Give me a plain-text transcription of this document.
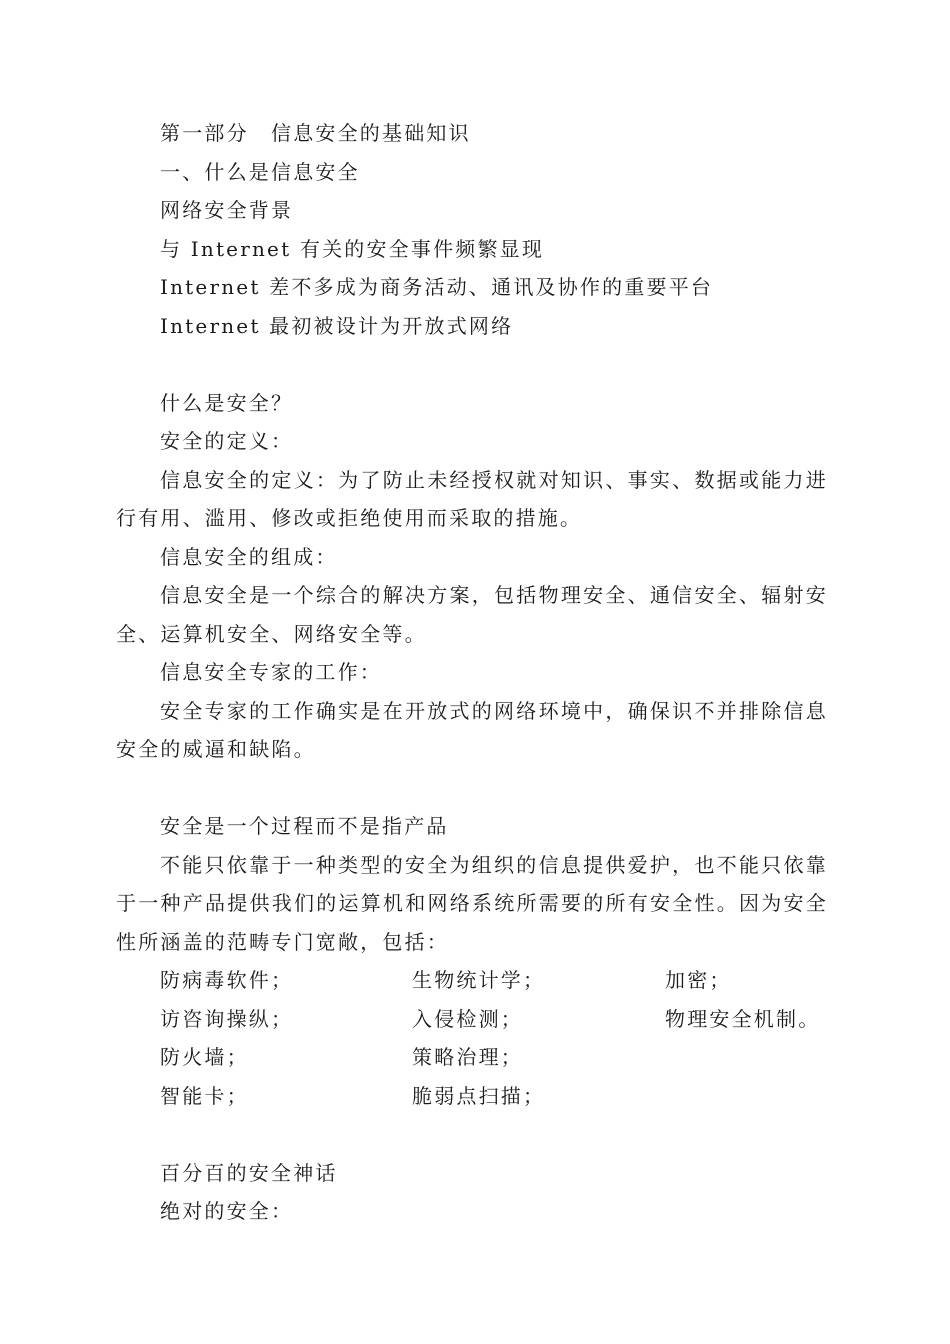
第一部分　信息安全的基础知识

一、什么是信息安全

网络安全背景

与 Internet 有关的安全事件频繁显现

Internet 差不多成为商务活动、通讯及协作的重要平台

Internet 最初被设计为开放式网络

什么是安全？

安全的定义：

信息安全的定义：为了防止未经授权就对知识、事实、数据或能力进行有用、滥用、修改或拒绝使用而采取的措施。

信息安全的组成：

信息安全是一个综合的解决方案，包括物理安全、通信安全、辐射安全、运算机安全、网络安全等。

信息安全专家的工作：

安全专家的工作确实是在开放式的网络环境中，确保识不并排除信息安全的威逼和缺陷。

安全是一个过程而不是指产品

不能只依靠于一种类型的安全为组织的信息提供爱护，也不能只依靠于一种产品提供我们的运算机和网络系统所需要的所有安全性。因为安全性所涵盖的范畴专门宽敞，包括：

防病毒软件；	生物统计学；	加密；
访咨询操纵；	入侵检测；	物理安全机制。
防火墙；	策略治理；
智能卡；	脆弱点扫描；

百分百的安全神话

绝对的安全：
